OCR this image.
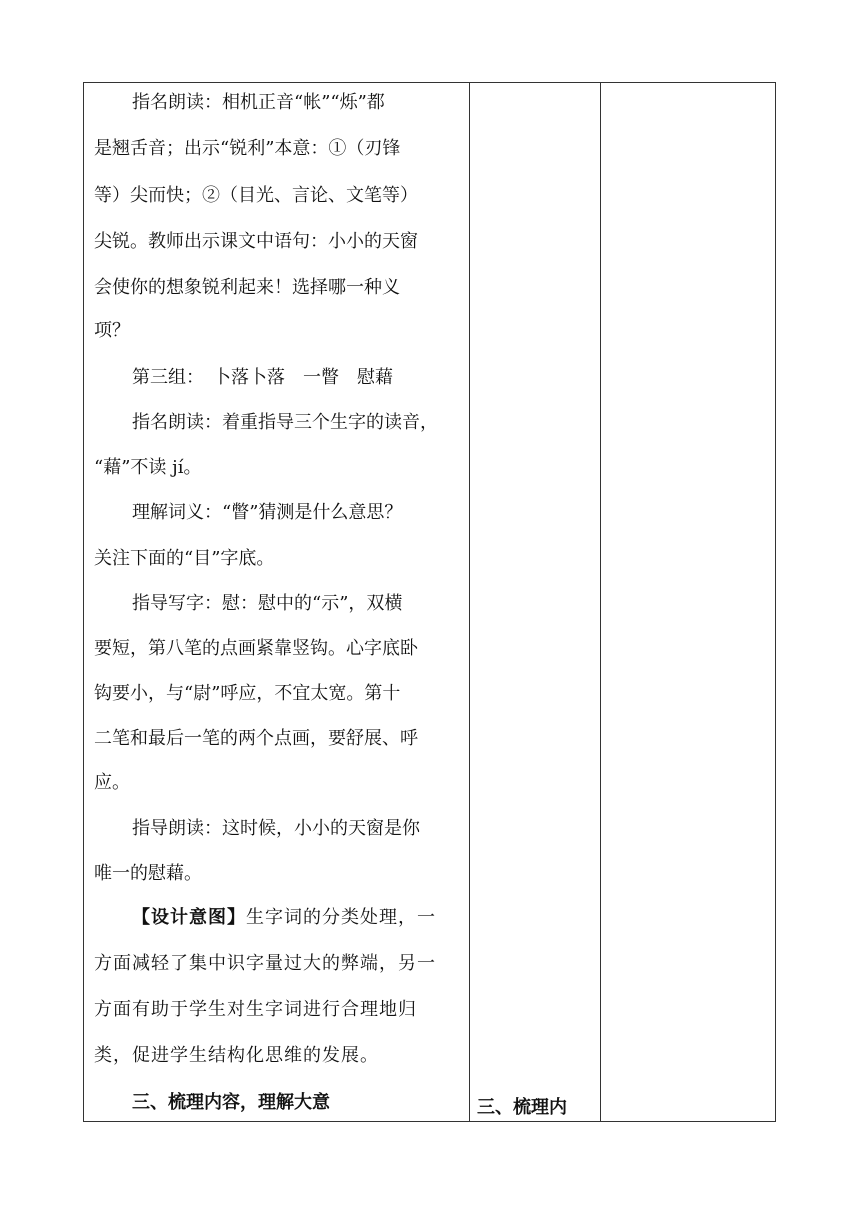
指名朗读：相机正音“帐”“烁”都
是翘舌音；出示“锐利”本意：①（刃锋
等）尖而快；②（目光、言论、文笔等）
尖锐。教师出示课文中语句：小小的天窗
会使你的想象锐利起来！选择哪一种义
项？
第三组：　卜落卜落　一瞥　慰藉
指名朗读：着重指导三个生字的读音，
“藉”不读 jí。
理解词义：“瞥”猜测是什么意思？
关注下面的“目”字底。
指导写字：慰：慰中的“示”，双横
要短，第八笔的点画紧靠竖钩。心字底卧
钩要小，与“尉”呼应，不宜太宽。第十
二笔和最后一笔的两个点画，要舒展、呼
应。
指导朗读：这时候，小小的天窗是你
唯一的慰藉。
【设计意图】生字词的分类处理，一
方面减轻了集中识字量过大的弊端，另一
方面有助于学生对生字词进行合理地归
类，促进学生结构化思维的发展。
三、梳理内容，理解大意	三、梳理内
